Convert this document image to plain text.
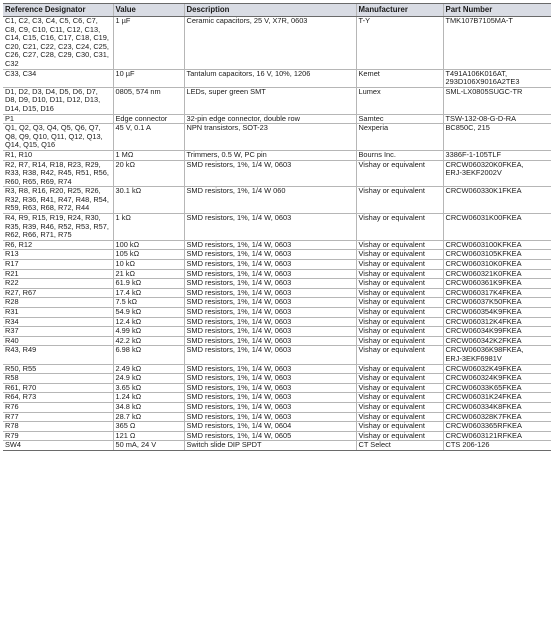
Reference Designator	Value	Description	Manufacturer	Part Number
C1, C2, C3, C4, C5, C6, C7, C8, C9, C10, C11, C12, C13, C14, C15, C16, C17, C18, C19, C20, C21, C22, C23, C24, C25, C26, C27, C28, C29, C30, C31, C32	1 µF	Ceramic capacitors, 25 V, X7R, 0603	T-Y	TMK107B7105MA-T

C33, C34	10 µF	Tantalum capacitors, 16 V, 10%, 1206	Kemet	T491A106K016AT,
293D106X9016A2TE3

D1, D2, D3, D4, D5, D6, D7, D8, D9, D10, D11, D12, D13, D14, D15, D16	0805, 574 nm	LEDs, super green SMT	Lumex	SML-LX0805SUGC-TR

P1	Edge connector	32-pin edge connector, double row	Samtec	TSW-132-08-G-D-RA

Q1, Q2, Q3, Q4, Q5, Q6, Q7, Q8, Q9, Q10, Q11, Q12, Q13, Q14, Q15, Q16	45 V, 0.1 A	NPN transistors, SOT-23	Nexperia	BC850C, 215

R1, R10	1 MΩ	Trimmers, 0.5 W, PC pin	Bourns Inc.	3386F-1-105TLF

R2, R7, R14, R18, R23, R29, R33, R38, R42, R45, R51, R56, R60, R65, R69, R74	20 kΩ	SMD resistors, 1%, 1/4 W, 0603	Vishay or equivalent	CRCW060320K0FKEA,
ERJ-3EKF2002V

R3, R8, R16, R20, R25, R26, R32, R36, R41, R47, R48, R54, R59, R63, R68, R72, R44	30.1 kΩ	SMD resistors, 1%, 1/4 W 060	Vishay or equivalent	CRCW060330K1FKEA

R4, R9, R15, R19, R24, R30, R35, R39, R46, R52, R53, R57, R62, R66, R71, R75	1 kΩ	SMD resistors, 1%, 1/4 W, 0603	Vishay or equivalent	CRCW06031K00FKEA

R6, R12	100 kΩ	SMD resistors, 1%, 1/4 W, 0603	Vishay or equivalent	CRCW0603100KFKEA

R13	105 kΩ	SMD resistors, 1%, 1/4 W, 0603	Vishay or equivalent	CRCW0603105KFKEA

R17	10 kΩ	SMD resistors, 1%, 1/4 W, 0603	Vishay or equivalent	CRCW060310K0FKEA

R21	21 kΩ	SMD resistors, 1%, 1/4 W, 0603	Vishay or equivalent	CRCW060321K0FKEA

R22	61.9 kΩ	SMD resistors, 1%, 1/4 W, 0603	Vishay or equivalent	CRCW060361K9FKEA

R27, R67	17.4 kΩ	SMD resistors, 1%, 1/4 W, 0603	Vishay or equivalent	CRCW060317K4FKEA

R28	7.5 kΩ	SMD resistors, 1%, 1/4 W, 0603	Vishay or equivalent	CRCW06037K50FKEA

R31	54.9 kΩ	SMD resistors, 1%, 1/4 W, 0603	Vishay or equivalent	CRCW060354K9FKEA

R34	12.4 kΩ	SMD resistors, 1%, 1/4 W, 0603	Vishay or equivalent	CRCW060312K4FKEA

R37	4.99 kΩ	SMD resistors, 1%, 1/4 W, 0603	Vishay or equivalent	CRCW06034K99FKEA

R40	42.2 kΩ	SMD resistors, 1%, 1/4 W, 0603	Vishay or equivalent	CRCW060342K2FKEA

R43, R49	6.98 kΩ	SMD resistors, 1%, 1/4 W, 0603	Vishay or equivalent	CRCW06036K98FKEA,
ERJ-3EKF6981V

R50, R55	2.49 kΩ	SMD resistors, 1%, 1/4 W, 0603	Vishay or equivalent	CRCW06032K49FKEA

R58	24.9 kΩ	SMD resistors, 1%, 1/4 W, 0603	Vishay or equivalent	CRCW060324K9FKEA

R61, R70	3.65 kΩ	SMD resistors, 1%, 1/4 W, 0603	Vishay or equivalent	CRCW06033K65FKEA

R64, R73	1.24 kΩ	SMD resistors, 1%, 1/4 W, 0603	Vishay or equivalent	CRCW06031K24FKEA

R76	34.8 kΩ	SMD resistors, 1%, 1/4 W, 0603	Vishay or equivalent	CRCW060334K8FKEA

R77	28.7 kΩ	SMD resistors, 1%, 1/4 W, 0603	Vishay or equivalent	CRCW060328K7FKEA

R78	365 Ω	SMD resistors, 1%, 1/4 W, 0604	Vishay or equivalent	CRCW0603365RFKEA

R79	121 Ω	SMD resistors, 1%, 1/4 W, 0605	Vishay or equivalent	CRCW0603121RFKEA

SW4	50 mA, 24 V	Switch slide DIP SPDT	CT Select	CTS 206-126
